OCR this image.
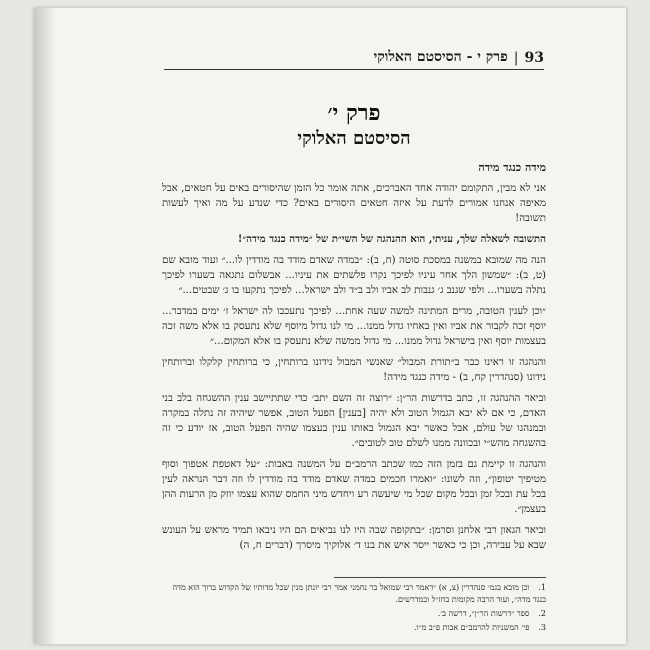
93
|
פרק י - הסיסטם האלוקי
פרק י׳
הסיסטם האלוקי

מידה כנגד מידה

אני לא מבין, התקומם יהודה אחד האברכים, אתה אומר כל הזמן שהיסורים באים על חטאים, אבל מאיפה אנחנו אמורים לדעת על איזה חטאים היסורים באים? כדי שנדע על מה ואיך לעשות תשובה!

התשובה לשאלה שלך, עניתי, הוא ההנהגה של השי״ת של ״מידה כנגד מידה״!

הנה מה שמובא במשנה במסכת סוטה (ח, ב): ״במדה שאדם מודד בה מודדין לו...״ ועוד מובא שם (ט, ב): ״שמשון הלך אחר עיניו לפיכך נקרו פלשתים את עיניו... אבשלום נתגאה בשערו לפיכך נתלה בשערו... ולפי שגנב ג׳ גנבות לב אביו ולב ב״ד ולב ישראל... לפיכך נתקעו בו ג׳ שבטים...״

״וכן לענין הטובה, מרים המתינה למשה שעה אחת... לפיכך נתעכבו לה ישראל ז׳ ימים במדבר... יוסף זכה לקבור את אביו ואין באחיו גדול ממנו... מי לנו גדול מיוסף שלא נתעסק בו אלא משה זכה בעצמות יוסף ואין בישראל גדול ממנו... מי גדול ממשה שלא נתעסק בו אלא המקום...״

והנהגה זו ראינו כבר ב״תורת המבול״ שאנשי המבול נידונו ברותחין, כי ברותחין קלקלו וברותחין נידונו (סנהדרין קח, ב) - מידה כנגד מידה!

וביאר ההנהגה זו, כתב בדרשות הר״ן: ״רוצה זה השם יתב׳ כדי שתתיישב ענין ההשגחה בלב בני האדם, כי אם לא יבא הגמול הטוב ולא יהיה [בענין] הפעל הטוב, אפשר שיהיה זה נתלה במקרה ובמנהגו של עולם, אבל כאשר יבא הגמול באותו ענין בעצמו שהיה הפעל הטוב, אז יודע כי זה בהשגחה מהש״י ובכוונה ממנו לשלם טוב לטובים״.

והנהגה זו קיימת גם בזמן הזה כמו שכתב הרמב״ם על המשנה באבות: ״על דאטפת אטפוך וסוף מטיפיך יטופון״, וזה לשונו: ״ואמרו חכמים במדה שאדם מודד בה מודדין לו וזה דבר הנראה לעין בכל עת ובכל זמן ובכל מקום שכל מי שיעשה רע ויחדש מיני החמס שהוא עצמו יוזק מן הרעות ההן בעצמן״.

וביאר הגאון רבי אלחנן וסרמן: ״בתקופה שבה היו לנו נביאים הם היו ניבאו תמיד מראש על העונש שבא על עבירה, וכן כי כאשר ייסר איש את בנו ד׳ אלוקיך מיסרך (דברים ח, ה)

1. וכן מובא בגמ׳ סנהדרין (צ, א) ״דאמר רבי שמואל בר נחמני אמר רבי יונתן מנין שכל מדותיו של הקדוש ברוך הוא מדה כנגד מדה״, ועוד הרבה מקומות בחז״ל ובמדרשים.
2. ספר ״דרשות הר״ן״, דרשה ב׳.
3. פי׳ המשניות להרמב״ם אבות פ״ב מ״ו.
